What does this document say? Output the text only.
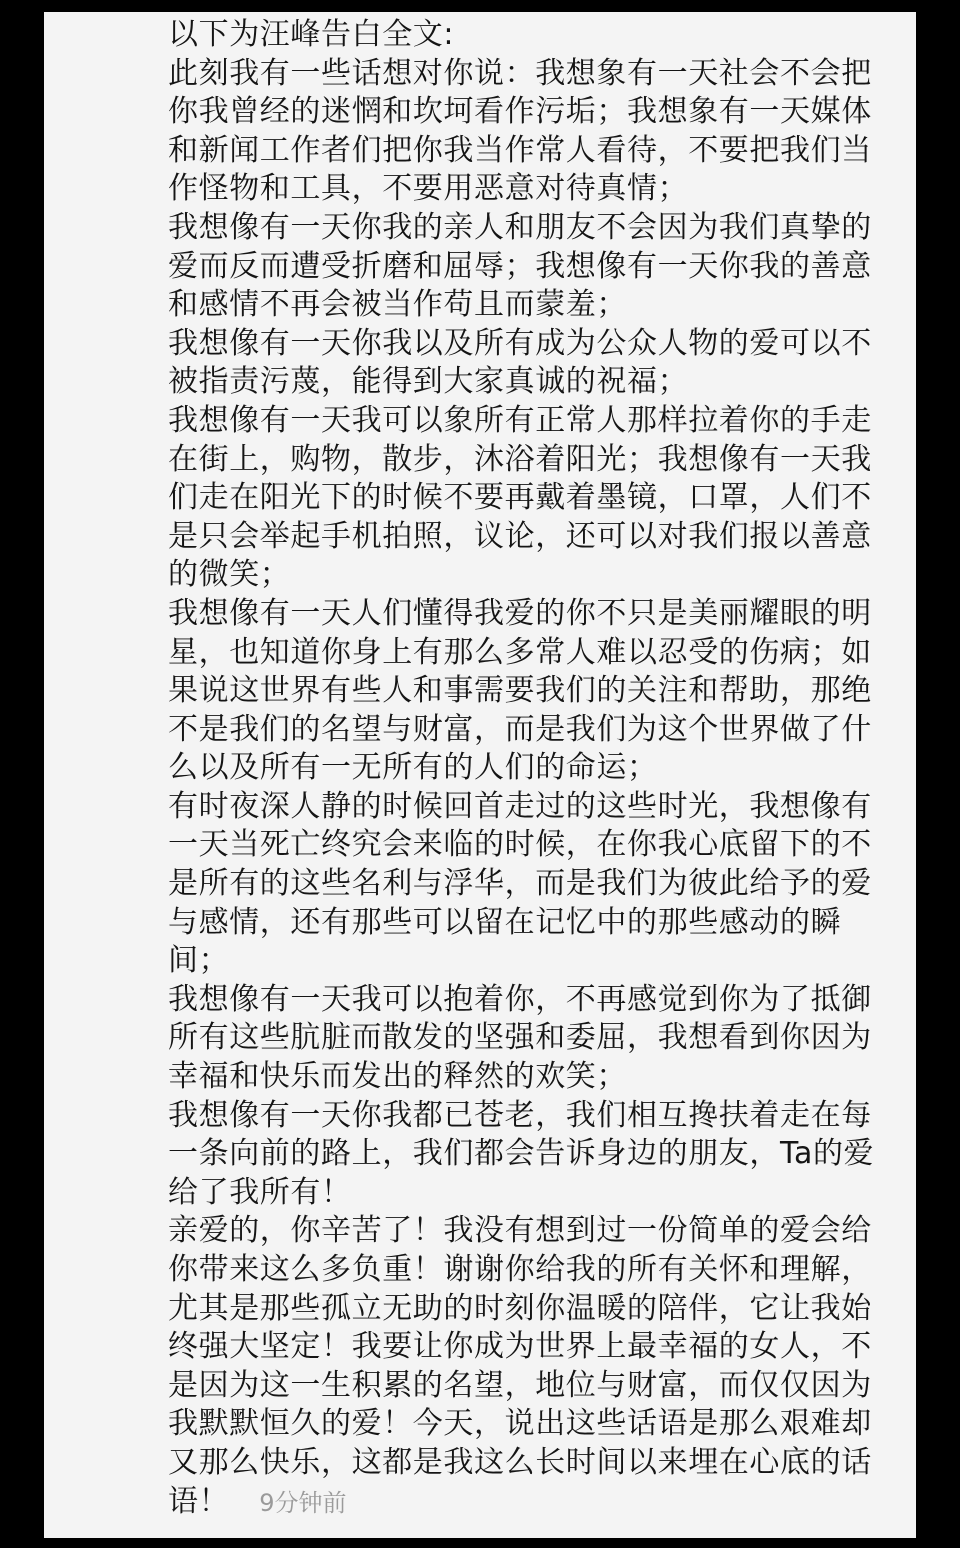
以下为汪峰告白全文:
此刻我有一些话想对你说：我想象有一天社会不会把
你我曾经的迷惘和坎坷看作污垢；我想象有一天媒体
和新闻工作者们把你我当作常人看待，不要把我们当
作怪物和工具，不要用恶意对待真情；
我想像有一天你我的亲人和朋友不会因为我们真挚的
爱而反而遭受折磨和屈辱；我想像有一天你我的善意
和感情不再会被当作苟且而蒙羞；
我想像有一天你我以及所有成为公众人物的爱可以不
被指责污蔑，能得到大家真诚的祝福；
我想像有一天我可以象所有正常人那样拉着你的手走
在街上，购物，散步，沐浴着阳光；我想像有一天我
们走在阳光下的时候不要再戴着墨镜，口罩，人们不
是只会举起手机拍照，议论，还可以对我们报以善意
的微笑；
我想像有一天人们懂得我爱的你不只是美丽耀眼的明
星，也知道你身上有那么多常人难以忍受的伤病；如
果说这世界有些人和事需要我们的关注和帮助，那绝
不是我们的名望与财富，而是我们为这个世界做了什
么以及所有一无所有的人们的命运；
有时夜深人静的时候回首走过的这些时光，我想像有
一天当死亡终究会来临的时候，在你我心底留下的不
是所有的这些名利与浮华，而是我们为彼此给予的爱
与感情，还有那些可以留在记忆中的那些感动的瞬
间；
我想像有一天我可以抱着你，不再感觉到你为了抵御
所有这些肮脏而散发的坚强和委屈，我想看到你因为
幸福和快乐而发出的释然的欢笑；
我想像有一天你我都已苍老，我们相互搀扶着走在每
一条向前的路上，我们都会告诉身边的朋友，Ta的爱
给了我所有！
亲爱的，你辛苦了！我没有想到过一份简单的爱会给
你带来这么多负重！谢谢你给我的所有关怀和理解，
尤其是那些孤立无助的时刻你温暖的陪伴，它让我始
终强大坚定！我要让你成为世界上最幸福的女人，不
是因为这一生积累的名望，地位与财富，而仅仅因为
我默默恒久的爱！今天，说出这些话语是那么艰难却
又那么快乐，这都是我这么长时间以来埋在心底的话
语！ 9分钟前
